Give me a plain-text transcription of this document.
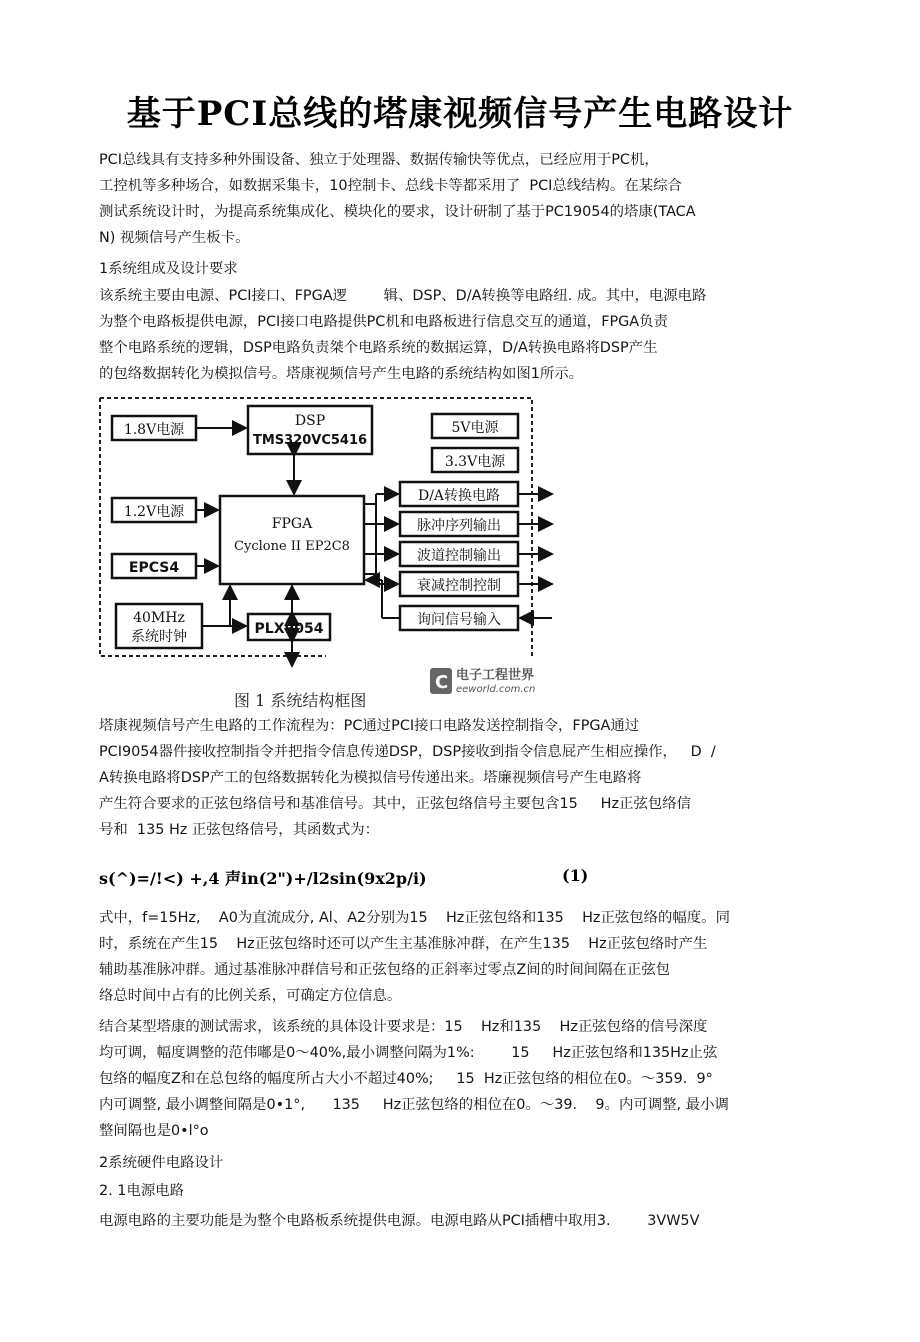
基于PCI总线的塔康视频信号产生电路设计
PCI总线具有支持多种外围设备、独立于处理器、数据传输快等优点，已经应用于PC机，
工控机等多种场合，如数据采集卡，10控制卡、总线卡等都采用了  PCI总线结构。在某综合
测试系统设计时，为提高系统集成化、模块化的要求，设计研制了基于PC19054的塔康(TACA
N) 视频信号产生板卡。
1系统组成及设计要求
该系统主要由电源、PCI接口、FPGA逻        辑、DSP、D/A转换等电路纽. 成。其中，电源电路
为整个电路板提供电源，PCI接口电路提供PC机和电路板进行信息交互的通道，FPGA负责
整个电路系统的逻辑，DSP电路负责桀个电路系统的数据运算，D/A转换电路将DSP产生
的包络数据转化为模拟信号。塔康视频信号产生电路的系统结构如图1所示。
1.8V电源
DSP
TMS320VC5416
5V电源
3.3V电源
1.2V电源
FPGA
Cyclone II EP2C8
D/A转换电路
脉冲序列输出
波道控制输出
衰减控制控制
询问信号输入
EPCS4
40MHz
系统时钟	PLX9054
图 1 系统结构框图
C 电子工程世界
eeworld.com.cn
塔康视频信号产生电路的工作流程为：PC通过PCI接口电路发送控制指令，FPGA通过
PCI9054器件接收控制指令并把指令信息传递DSP，DSP接收到指令信息屁产生相应操作，   D  /
A转换电路将DSP产工的包络数据转化为模拟信号传递出来。塔廉视频信号产生电路将
产生符合要求的正弦包络信号和基准信号。其中，正弦包络信号主要包含15     Hz正弦包络信
号和  135 Hz 正弦包络信号，其函数式为：
s(^)=/!<) +,4 声in(2")+/l2sin(9x2p/i)	(1)
式中，f=15Hz,    A0为直流成分, Al、A2分别为15    Hz正弦包络和135    Hz正弦包络的幅度。同
时，系统在产生15    Hz正弦包络时还可以产生主基准脉冲群，在产生135    Hz正弦包络时产生
辅助基准脉冲群。通过基准脉冲群信号和正弦包络的正斜率过零点Z间的时间间隔在正弦包
络总时间中占有的比例关系，可确定方位信息。
结合某型塔康的测试需求，该系统的具体设计要求是：15    Hz和135    Hz正弦包络的信号深度
均可调，幅度调整的范伟嘟是0～40%,最小调整问隔为1%:        15     Hz正弦包络和135Hz止弦
包络的幅度Z和在总包络的幅度所占大小不超过40%;     15  Hz正弦包络的相位在0。～359.  9°
内可调整, 最小调整间隔是0•1°,      135     Hz正弦包络的相位在0。～39.    9。内可调整, 最小调
整间隔也是0•l°o
2系统硬件电路设计
2. 1电源电路
电源电路的主要功能是为整个电路板系统提供电源。电源电路从PCI插槽中取用3.        3VW5V
